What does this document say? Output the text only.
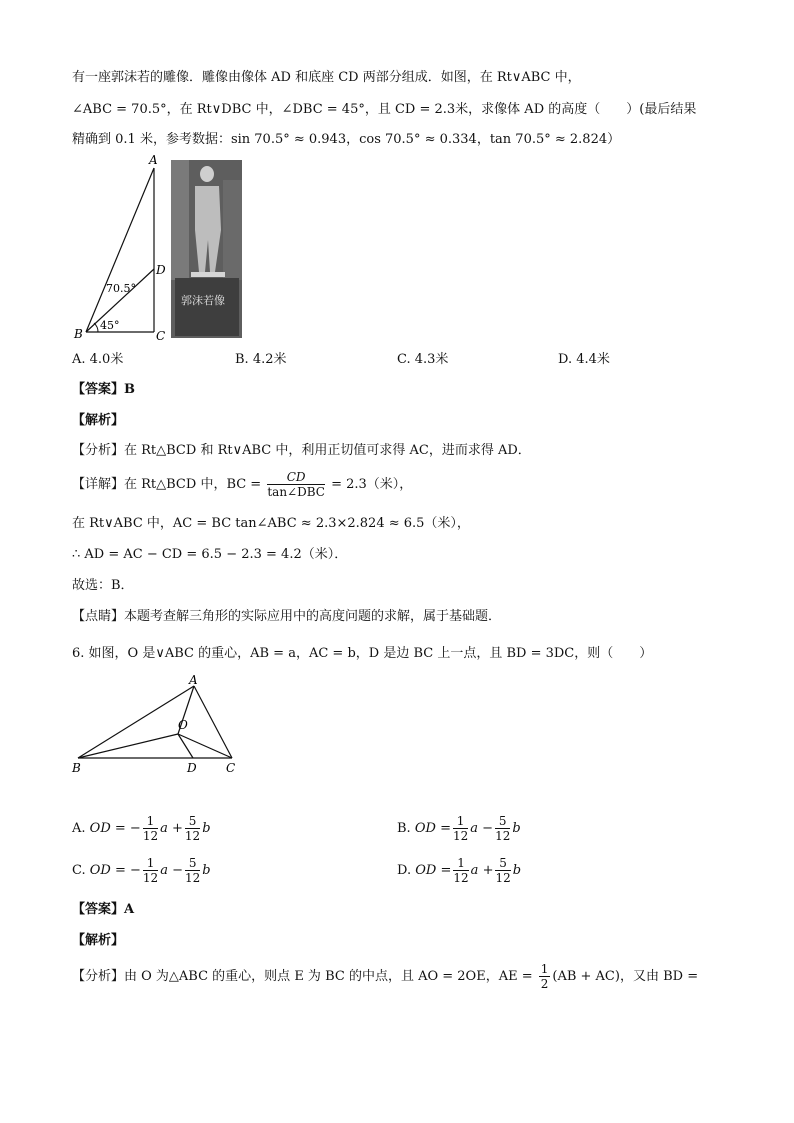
有一座郭沫若的雕像．雕像由像体 AD 和底座 CD 两部分组成．如图，在 Rt∨ABC 中，
∠ABC = 70.5°，在 Rt∨DBC 中，∠DBC = 45°，且 CD = 2.3米，求像体 AD 的高度（　　）(最后结果
精确到 0.1 米，参考数据：sin 70.5° ≈ 0.943，cos 70.5° ≈ 0.334，tan 70.5° ≈ 2.824）
A
D
B	C
70.5°
45°
郭沫若像
A. 4.0米	B. 4.2米	C. 4.3米	D. 4.4米
【答案】B
【解析】
【分析】在 Rt△BCD 和 Rt∨ABC 中，利用正切值可求得 AC，进而求得 AD．
【详解】在 Rt△BCD 中，BC = $\frac{CD}{\text{tan∠DBC}} = 2.3$（米），
在 Rt∨ABC 中，AC = BC tan∠ABC ≈ 2.3×2.824 ≈ 6.5（米），
∴ AD = AC − CD = 6.5 − 2.3 = 4.2（米）．
故选：B．
【点睛】本题考查解三角形的实际应用中的高度问题的求解，属于基础题．
6. 如图，O 是∨ABC 的重心，AB = a，AC = b，D 是边 BC 上一点，且 BD = 3DC，则（　　）
A
O
B	D C
A. OD = − $\frac{1}{12}$ $a + \frac{5}{12}$ b	B. OD = $\frac{1}{12}$ $a - \frac{5}{12}$ b
C. OD = − $\frac{1}{12}$ $a - \frac{5}{12}$ b	D. OD = $\frac{1}{12}$ $a + \frac{5}{12}$ b
【答案】A
【解析】
【分析】由 O 为△ABC 的重心，则点 E 为 BC 的中点，且 AO = 2OE，AE = $\frac{1}{2} (AB + AC)$，又由 BD =
